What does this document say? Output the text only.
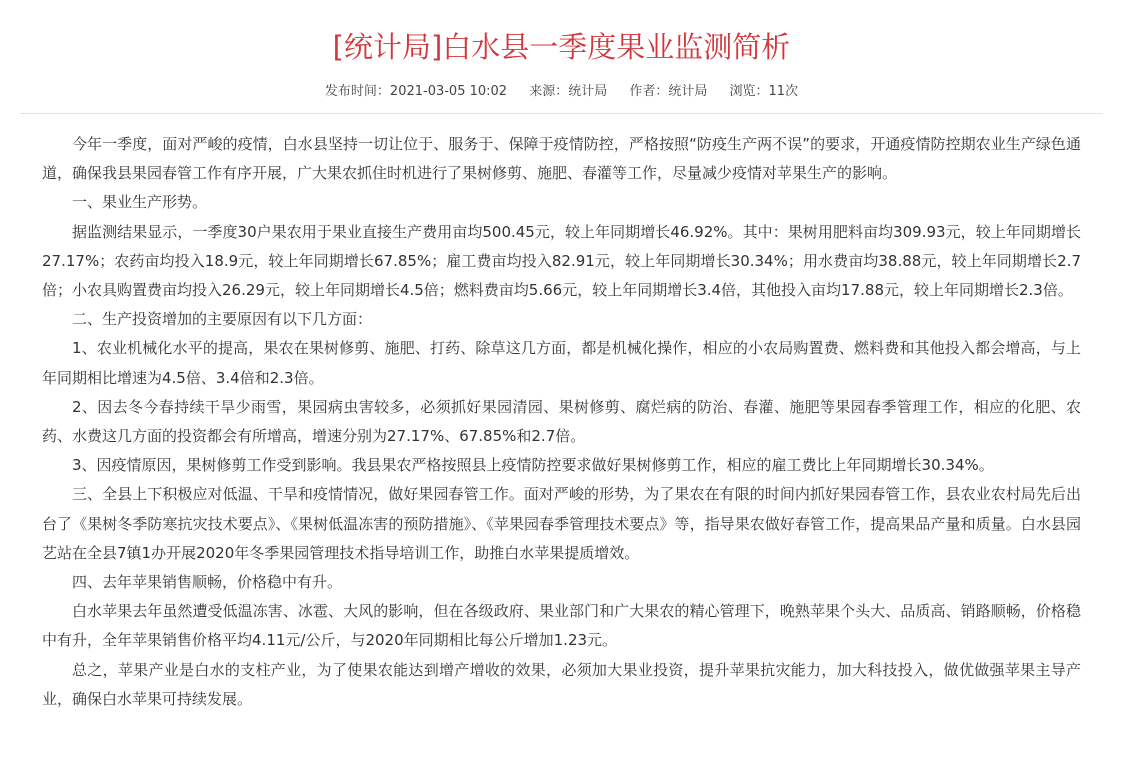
[统计局]白水县一季度果业监测简析
发布时间：2021-03-05 10:02 来源：统计局 作者：统计局 浏览：11次

今年一季度，面对严峻的疫情，白水县坚持一切让位于、服务于、保障于疫情防控，严格按照“防疫生产两不误”的要求，开通疫情防控期农业生产绿色通道，确保我县果园春管工作有序开展，广大果农抓住时机进行了果树修剪、施肥、春灌等工作，尽量减少疫情对苹果生产的影响。

一、果业生产形势。

据监测结果显示，一季度30户果农用于果业直接生产费用亩均500.45元，较上年同期增长46.92%。其中：果树用肥料亩均309.93元，较上年同期增长27.17%；农药亩均投入18.9元，较上年同期增长67.85%；雇工费亩均投入82.91元，较上年同期增长30.34%；用水费亩均38.88元，较上年同期增长2.7倍；小农具购置费亩均投入26.29元，较上年同期增长4.5倍；燃料费亩均5.66元，较上年同期增长3.4倍，其他投入亩均17.88元，较上年同期增长2.3倍。

二、生产投资增加的主要原因有以下几方面：

1、农业机械化水平的提高，果农在果树修剪、施肥、打药、除草这几方面，都是机械化操作，相应的小农局购置费、燃料费和其他投入都会增高，与上年同期相比增速为4.5倍、3.4倍和2.3倍。

2、因去冬今春持续干旱少雨雪，果园病虫害较多，必须抓好果园清园、果树修剪、腐烂病的防治、春灌、施肥等果园春季管理工作，相应的化肥、农药、水费这几方面的投资都会有所增高，增速分别为27.17%、67.85%和2.7倍。

3、因疫情原因，果树修剪工作受到影响。我县果农严格按照县上疫情防控要求做好果树修剪工作，相应的雇工费比上年同期增长30.34%。

三、全县上下积极应对低温、干旱和疫情情况，做好果园春管工作。面对严峻的形势，为了果农在有限的时间内抓好果园春管工作，县农业农村局先后出台了《果树冬季防寒抗灾技术要点》、《果树低温冻害的预防措施》、《苹果园春季管理技术要点》等，指导果农做好春管工作，提高果品产量和质量。白水县园艺站在全县7镇1办开展2020年冬季果园管理技术指导培训工作，助推白水苹果提质增效。

四、去年苹果销售顺畅，价格稳中有升。

白水苹果去年虽然遭受低温冻害、冰雹、大风的影响，但在各级政府、果业部门和广大果农的精心管理下，晚熟苹果个头大、品质高、销路顺畅，价格稳中有升，全年苹果销售价格平均4.11元/公斤，与2020年同期相比每公斤增加1.23元。

总之，苹果产业是白水的支柱产业，为了使果农能达到增产增收的效果，必须加大果业投资，提升苹果抗灾能力，加大科技投入，做优做强苹果主导产业，确保白水苹果可持续发展。
